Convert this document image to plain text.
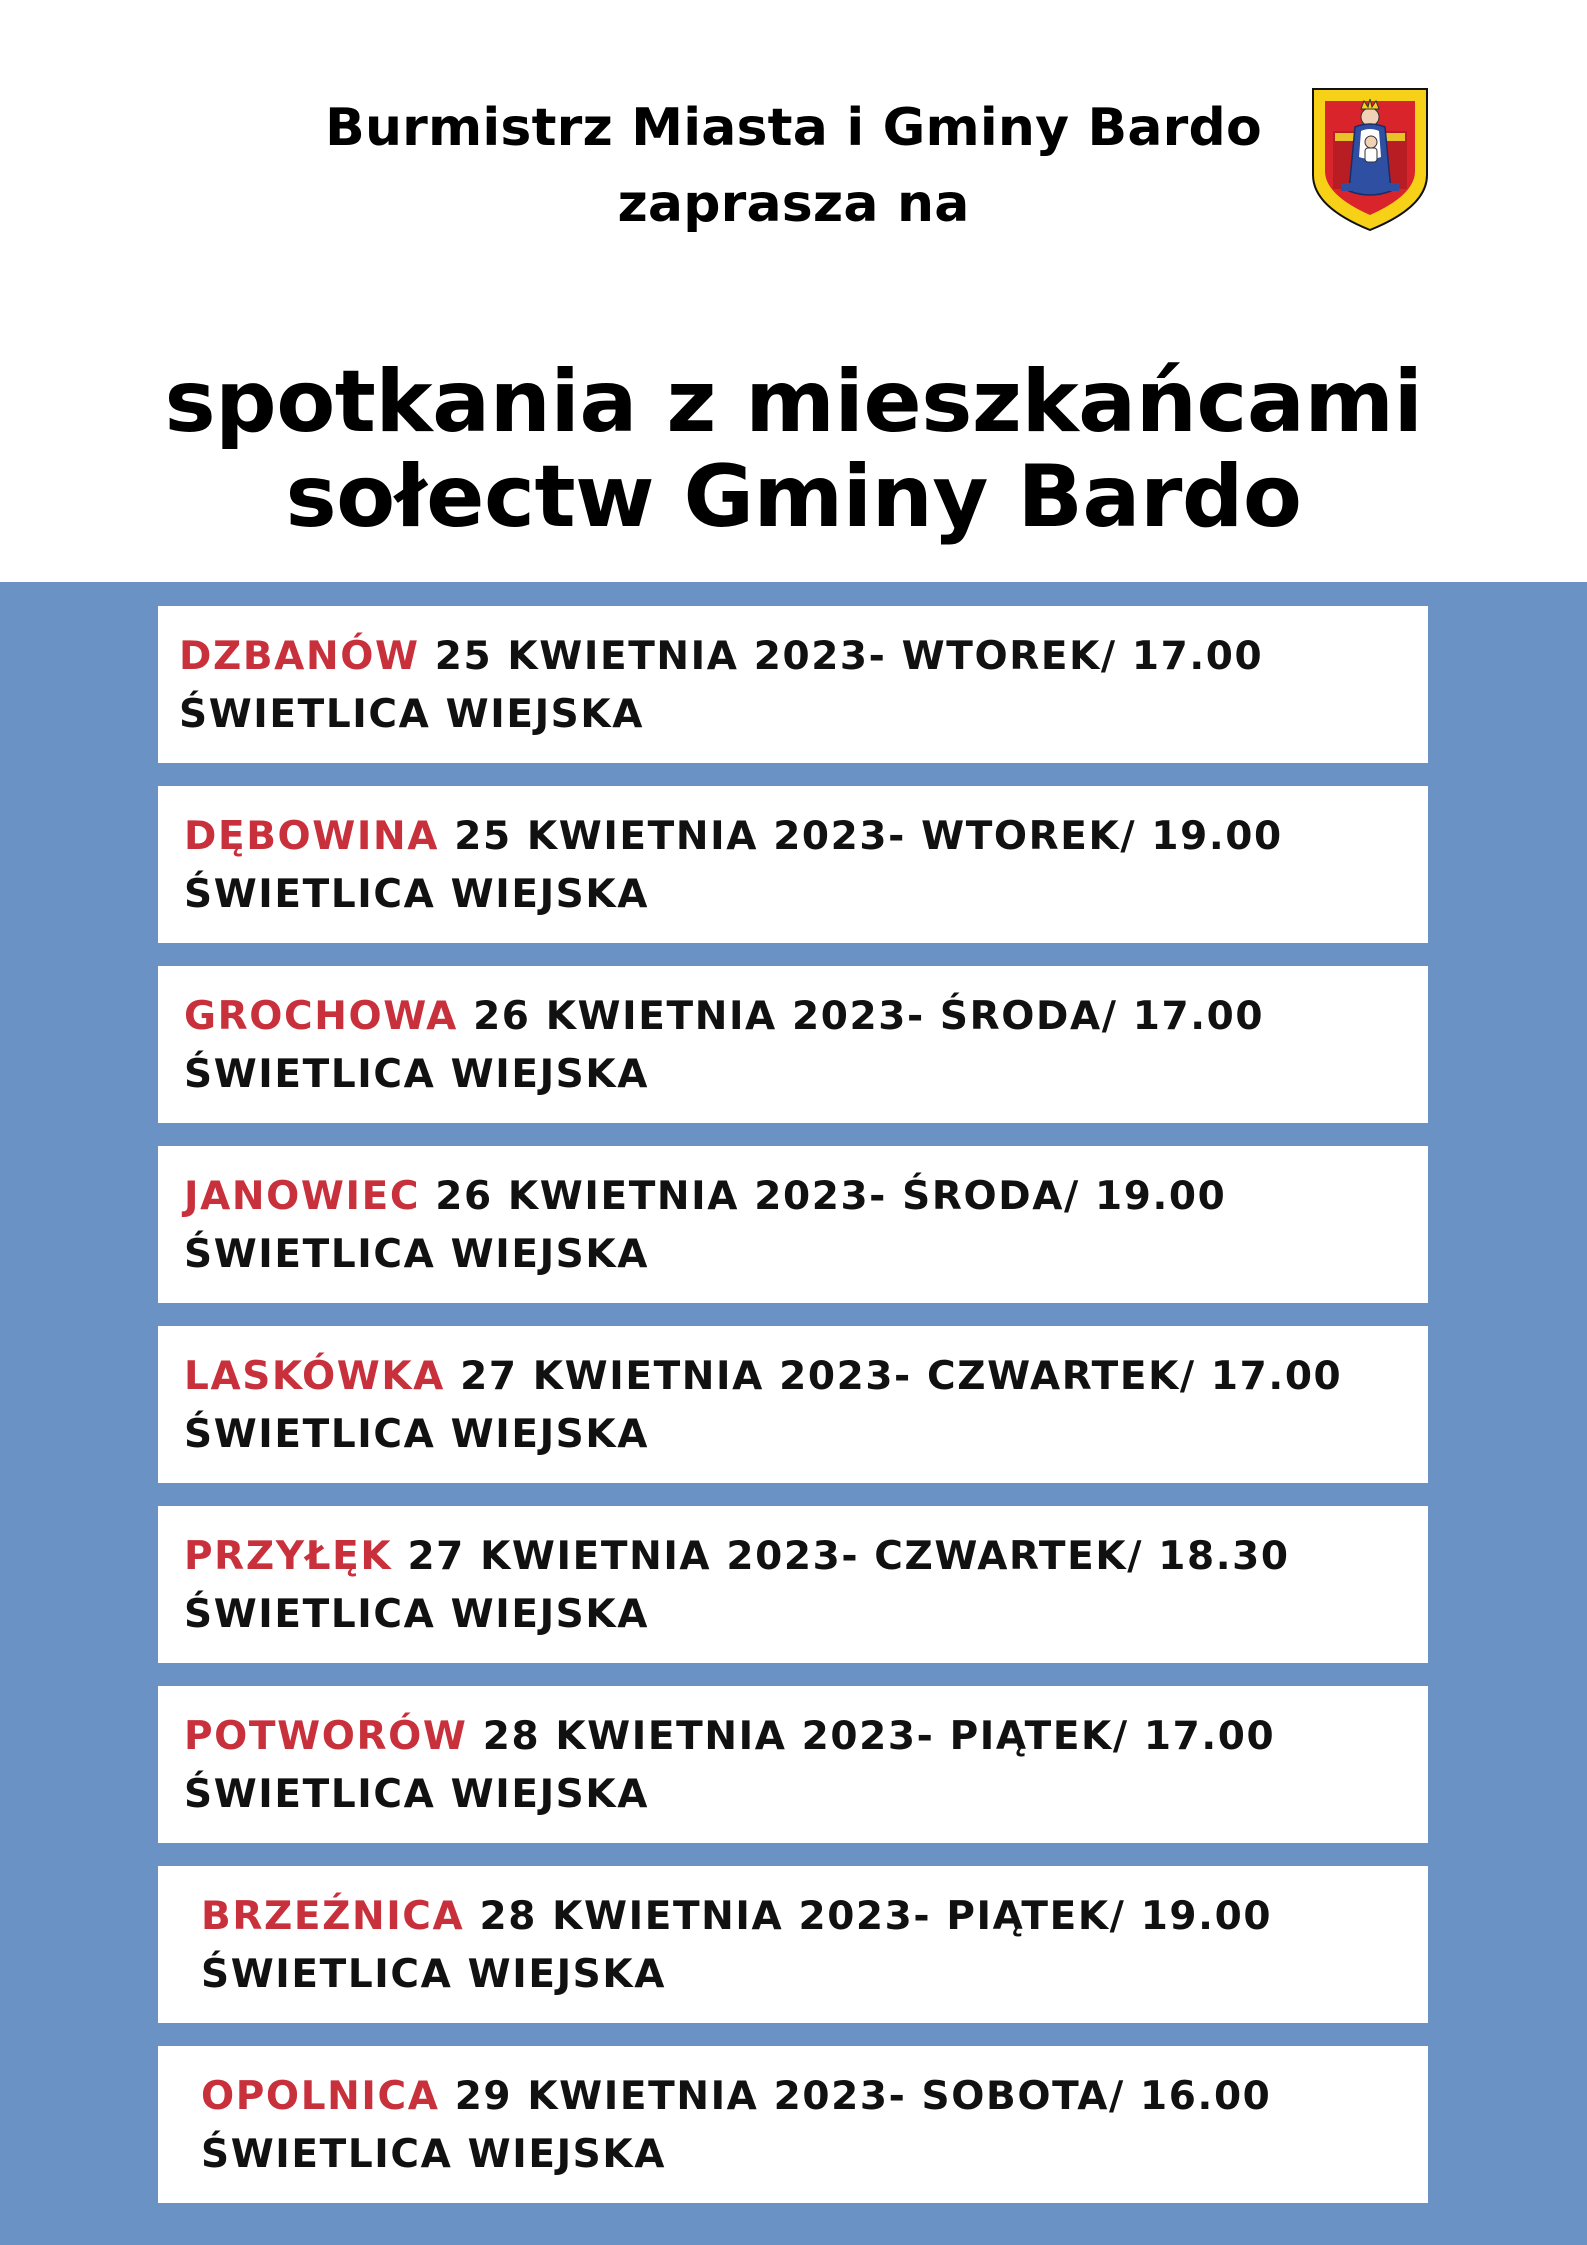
Burmistrz Miasta i Gminy Bardo
zaprasza na
spotkania z mieszkańcami
sołectw Gminy Bardo
DZBANÓW 25 KWIETNIA 2023- WTOREK/ 17.00
ŚWIETLICA WIEJSKA
DĘBOWINA 25 KWIETNIA 2023- WTOREK/ 19.00
ŚWIETLICA WIEJSKA
GROCHOWA 26 KWIETNIA 2023- ŚRODA/ 17.00
ŚWIETLICA WIEJSKA
JANOWIEC 26 KWIETNIA 2023- ŚRODA/ 19.00
ŚWIETLICA WIEJSKA
LASKÓWKA 27 KWIETNIA 2023- CZWARTEK/ 17.00
ŚWIETLICA WIEJSKA
PRZYŁĘK 27 KWIETNIA 2023- CZWARTEK/ 18.30
ŚWIETLICA WIEJSKA
POTWORÓW 28 KWIETNIA 2023- PIĄTEK/ 17.00
ŚWIETLICA WIEJSKA
BRZEŹNICA 28 KWIETNIA 2023- PIĄTEK/ 19.00
ŚWIETLICA WIEJSKA
OPOLNICA 29 KWIETNIA 2023- SOBOTA/ 16.00
ŚWIETLICA WIEJSKA
